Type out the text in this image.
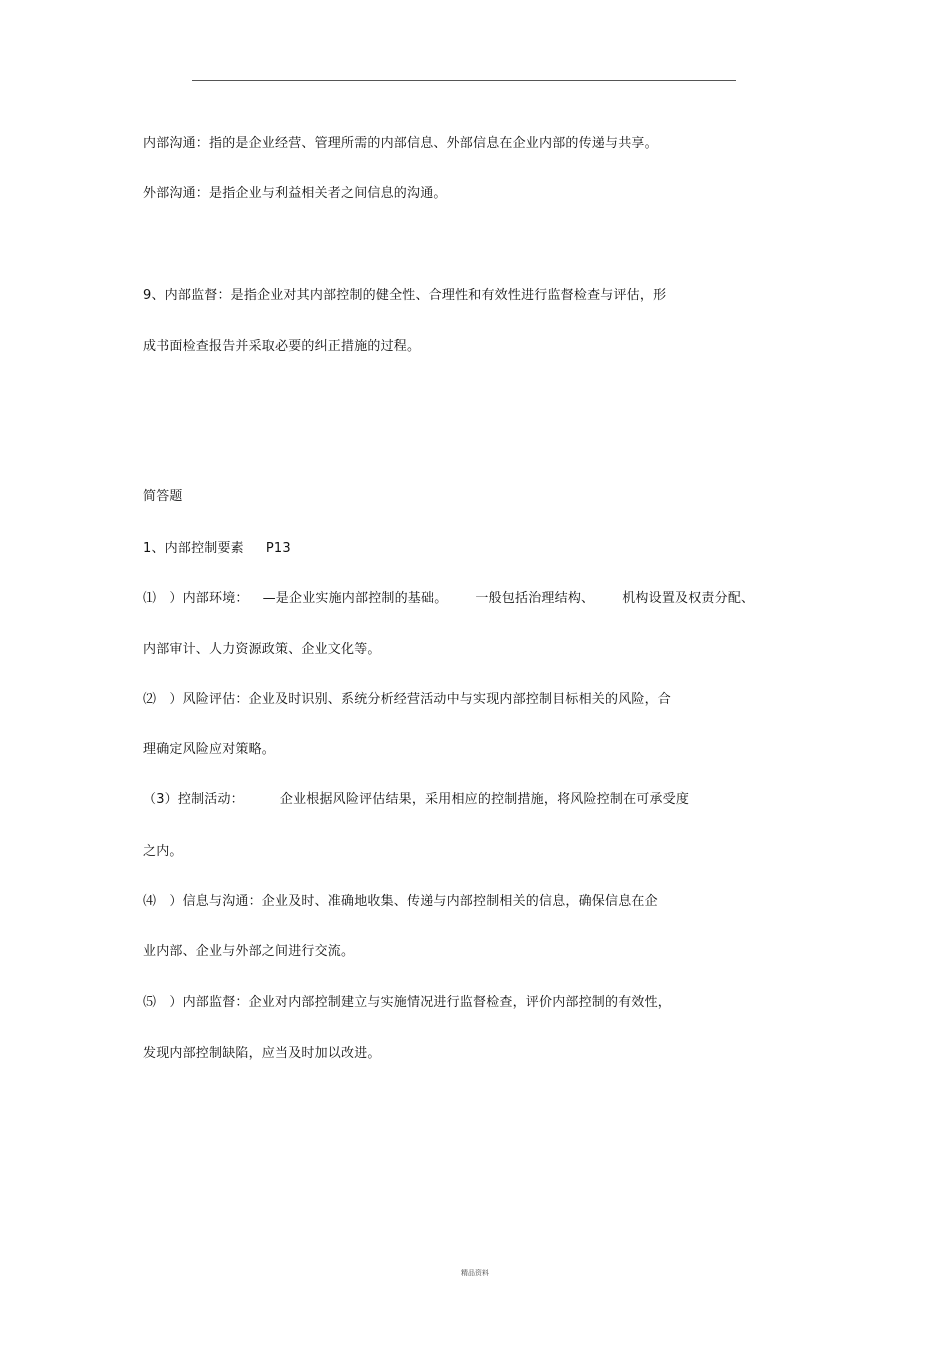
内部沟通：指的是企业经营、管理所需的内部信息、外部信息在企业内部的传递与共享。
外部沟通：是指企业与利益相关者之间信息的沟通。
9、内部监督：是指企业对其内部控制的健全性、合理性和有效性进行监督检查与评估，形
成书面检查报告并采取必要的纠正措施的过程。
简答题
1、内部控制要素 P13
⑴　）内部环境： —是企业实施内部控制的基础。 一般包括治理结构、 机构设置及权责分配、
内部审计、人力资源政策、企业文化等。
⑵　）风险评估：企业及时识别、系统分析经营活动中与实现内部控制目标相关的风险，合
理确定风险应对策略。
（3）控制活动：	企业根据风险评估结果，采用相应的控制措施，将风险控制在可承受度
之内。
⑷　）信息与沟通：企业及时、准确地收集、传递与内部控制相关的信息，确保信息在企
业内部、企业与外部之间进行交流。
⑸　）内部监督：企业对内部控制建立与实施情况进行监督检查，评价内部控制的有效性，
发现内部控制缺陷，应当及时加以改进。
精品资料
